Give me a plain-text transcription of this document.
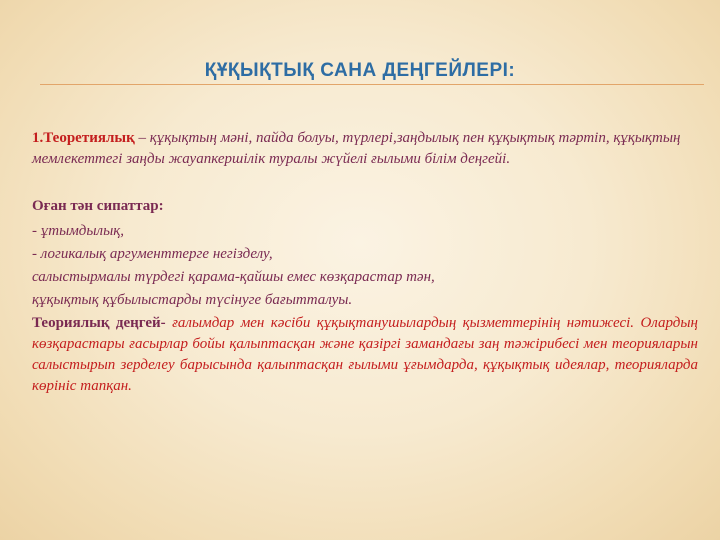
ҚҰҚЫҚТЫҚ САНА ДЕҢГЕЙЛЕРІ:

1.Теоретиялық – құқықтың мәні, пайда болуы, түрлері,заңдылық пен құқықтық тәртіп, құқықтың мемлекеттегі заңды жауапкершілік туралы жүйелі ғылыми білім деңгейі.

Оған тән сипаттар:

- ұтымдылық,

- логикалық аргументтерге негізделу,

салыстырмалы түрдегі қарама-қайшы емес көзқарастар тән,

құқықтық құбылыстарды түсінуге бағытталуы.

Теориялық деңгей- ғалымдар мен кәсіби құқықтанушылардың қызметтерінің нәтижесі. Олардың көзқарастары ғасырлар бойы қалыптасқан және қазіргі замандағы заң тәжірибесі мен теорияларын салыстырып зерделеу барысында қалыптасқан ғылыми ұғымдарда, құқықтық идеялар, теорияларда көрініс тапқан.
